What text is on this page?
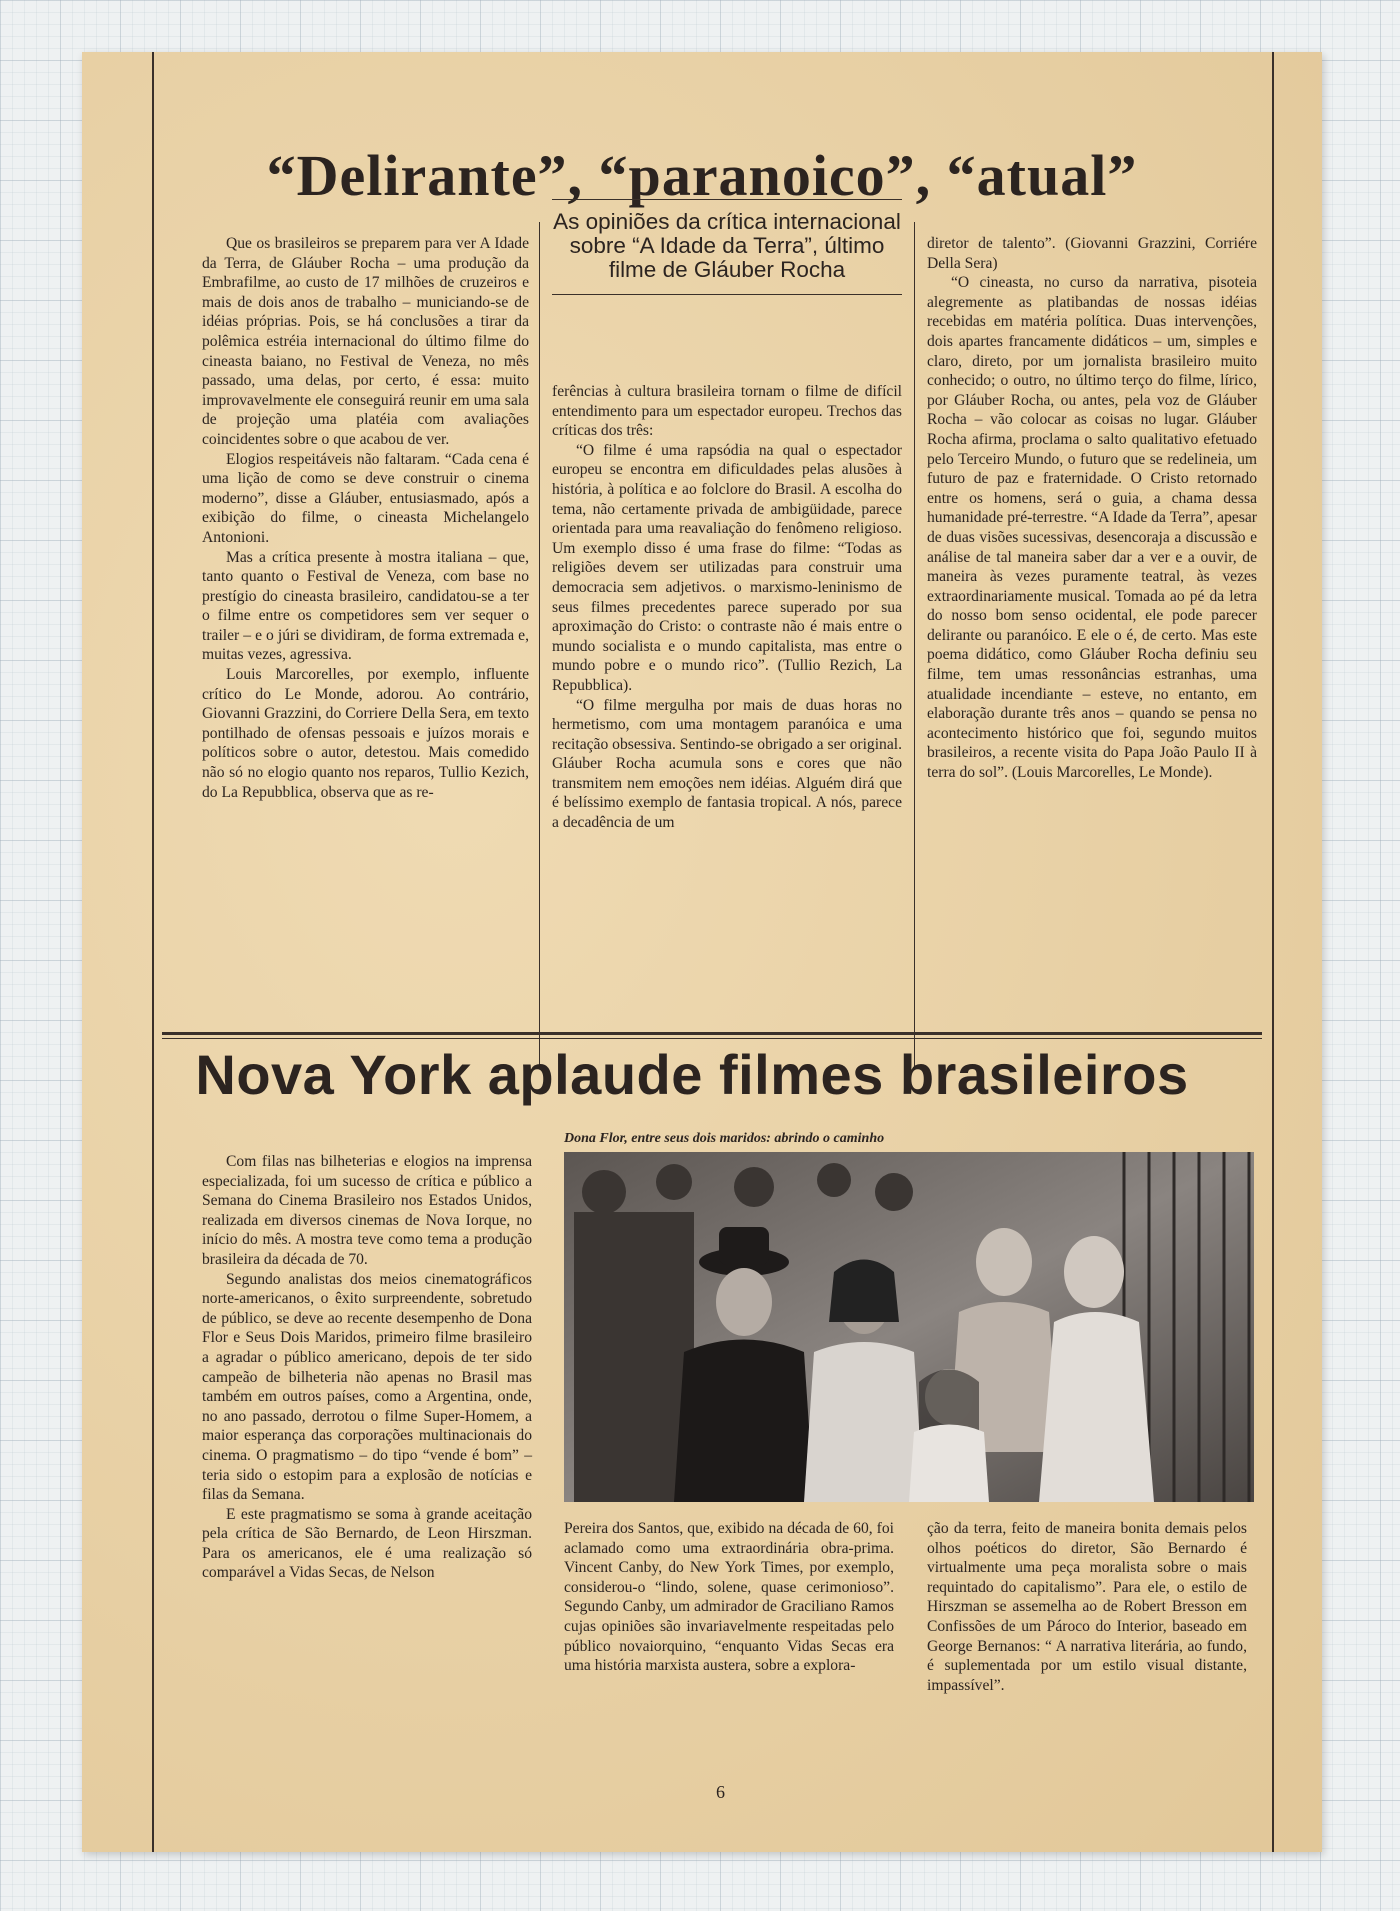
“Delirante”, “paranoico”, “atual”

Que os brasileiros se preparem para ver A Idade da Terra, de Gláuber Rocha – uma produção da Embrafilme, ao custo de 17 milhões de cruzeiros e mais de dois anos de trabalho – municiando-se de idéias próprias. Pois, se há conclusões a tirar da polêmica estréia internacional do último filme do cineasta baiano, no Festival de Veneza, no mês passado, uma delas, por certo, é essa: muito improvavelmente ele conseguirá reunir em uma sala de projeção uma platéia com avaliações coincidentes sobre o que acabou de ver.

Elogios respeitáveis não faltaram. “Cada cena é uma lição de como se deve construir o cinema moderno”, disse a Gláuber, entusiasmado, após a exibição do filme, o cineasta Michelangelo Antonioni.

Mas a crítica presente à mostra italiana – que, tanto quanto o Festival de Veneza, com base no prestígio do cineasta brasileiro, candidatou-se a ter o filme entre os competidores sem ver sequer o trailer – e o júri se dividiram, de forma extremada e, muitas vezes, agressiva.

Louis Marcorelles, por exemplo, influente crítico do Le Monde, adorou. Ao contrário, Giovanni Grazzini, do Corriere Della Sera, em texto pontilhado de ofensas pessoais e juízos morais e políticos sobre o autor, detestou. Mais comedido não só no elogio quanto nos reparos, Tullio Kezich, do La Repubblica, observa que as re-

As opiniões da crítica internacional sobre “A Idade da Terra”, último filme de Gláuber Rocha

ferências à cultura brasileira tornam o filme de difícil entendimento para um espectador europeu. Trechos das críticas dos três:

“O filme é uma rapsódia na qual o espectador europeu se encontra em dificuldades pelas alusões à história, à política e ao folclore do Brasil. A escolha do tema, não certamente privada de ambigüidade, parece orientada para uma reavaliação do fenômeno religioso. Um exemplo disso é uma frase do filme: “Todas as religiões devem ser utilizadas para construir uma democracia sem adjetivos. o marxismo-leninismo de seus filmes precedentes parece superado por sua aproximação do Cristo: o contraste não é mais entre o mundo socialista e o mundo capitalista, mas entre o mundo pobre e o mundo rico”. (Tullio Rezich, La Repubblica).

“O filme mergulha por mais de duas horas no hermetismo, com uma montagem paranóica e uma recitação obsessiva. Sentindo-se obrigado a ser original. Gláuber Rocha acumula sons e cores que não transmitem nem emoções nem idéias. Alguém dirá que é belíssimo exemplo de fantasia tropical. A nós, parece a decadência de um

diretor de talento”. (Giovanni Grazzini, Corriére Della Sera)

“O cineasta, no curso da narrativa, pisoteia alegremente as platibandas de nossas idéias recebidas em matéria política. Duas intervenções, dois apartes francamente didáticos – um, simples e claro, direto, por um jornalista brasileiro muito conhecido; o outro, no último terço do filme, lírico, por Gláuber Rocha, ou antes, pela voz de Gláuber Rocha – vão colocar as coisas no lugar. Gláuber Rocha afirma, proclama o salto qualitativo efetuado pelo Terceiro Mundo, o futuro que se redelineia, um futuro de paz e fraternidade. O Cristo retornado entre os homens, será o guia, a chama dessa humanidade pré-terrestre. “A Idade da Terra”, apesar de duas visões sucessivas, desencoraja a discussão e análise de tal maneira saber dar a ver e a ouvir, de maneira às vezes puramente teatral, às vezes extraordinariamente musical. Tomada ao pé da letra do nosso bom senso ocidental, ele pode parecer delirante ou paranóico. E ele o é, de certo. Mas este poema didático, como Gláuber Rocha definiu seu filme, tem umas ressonâncias estranhas, uma atualidade incendiante – esteve, no entanto, em elaboração durante três anos – quando se pensa no acontecimento histórico que foi, segundo muitos brasileiros, a recente visita do Papa João Paulo II à terra do sol”. (Louis Marcorelles, Le Monde).

Nova York aplaude filmes brasileiros

Com filas nas bilheterias e elogios na imprensa especializada, foi um sucesso de crítica e público a Semana do Cinema Brasileiro nos Estados Unidos, realizada em diversos cinemas de Nova Iorque, no início do mês. A mostra teve como tema a produção brasileira da década de 70.

Segundo analistas dos meios cinematográficos norte-americanos, o êxito surpreendente, sobretudo de público, se deve ao recente desempenho de Dona Flor e Seus Dois Maridos, primeiro filme brasileiro a agradar o público americano, depois de ter sido campeão de bilheteria não apenas no Brasil mas também em outros países, como a Argentina, onde, no ano passado, derrotou o filme Super-Homem, a maior esperança das corporações multinacionais do cinema. O pragmatismo – do tipo “vende é bom” – teria sido o estopim para a explosão de notícias e filas da Semana.

E este pragmatismo se soma à grande aceitação pela crítica de São Bernardo, de Leon Hirszman. Para os americanos, ele é uma realização só comparável a Vidas Secas, de Nelson

Dona Flor, entre seus dois maridos: abrindo o caminho

Pereira dos Santos, que, exibido na década de 60, foi aclamado como uma extraordinária obra-prima. Vincent Canby, do New York Times, por exemplo, considerou-o “lindo, solene, quase cerimonioso”. Segundo Canby, um admirador de Graciliano Ramos cujas opiniões são invariavelmente respeitadas pelo público novaiorquino, “enquanto Vidas Secas era uma história marxista austera, sobre a explora-

ção da terra, feito de maneira bonita demais pelos olhos poéticos do diretor, São Bernardo é virtualmente uma peça moralista sobre o mais requintado do capitalismo”. Para ele, o estilo de Hirszman se assemelha ao de Robert Bresson em Confissões de um Pároco do Interior, baseado em George Bernanos: “ A narrativa literária, ao fundo, é suplementada por um estilo visual distante, impassível”.

6
